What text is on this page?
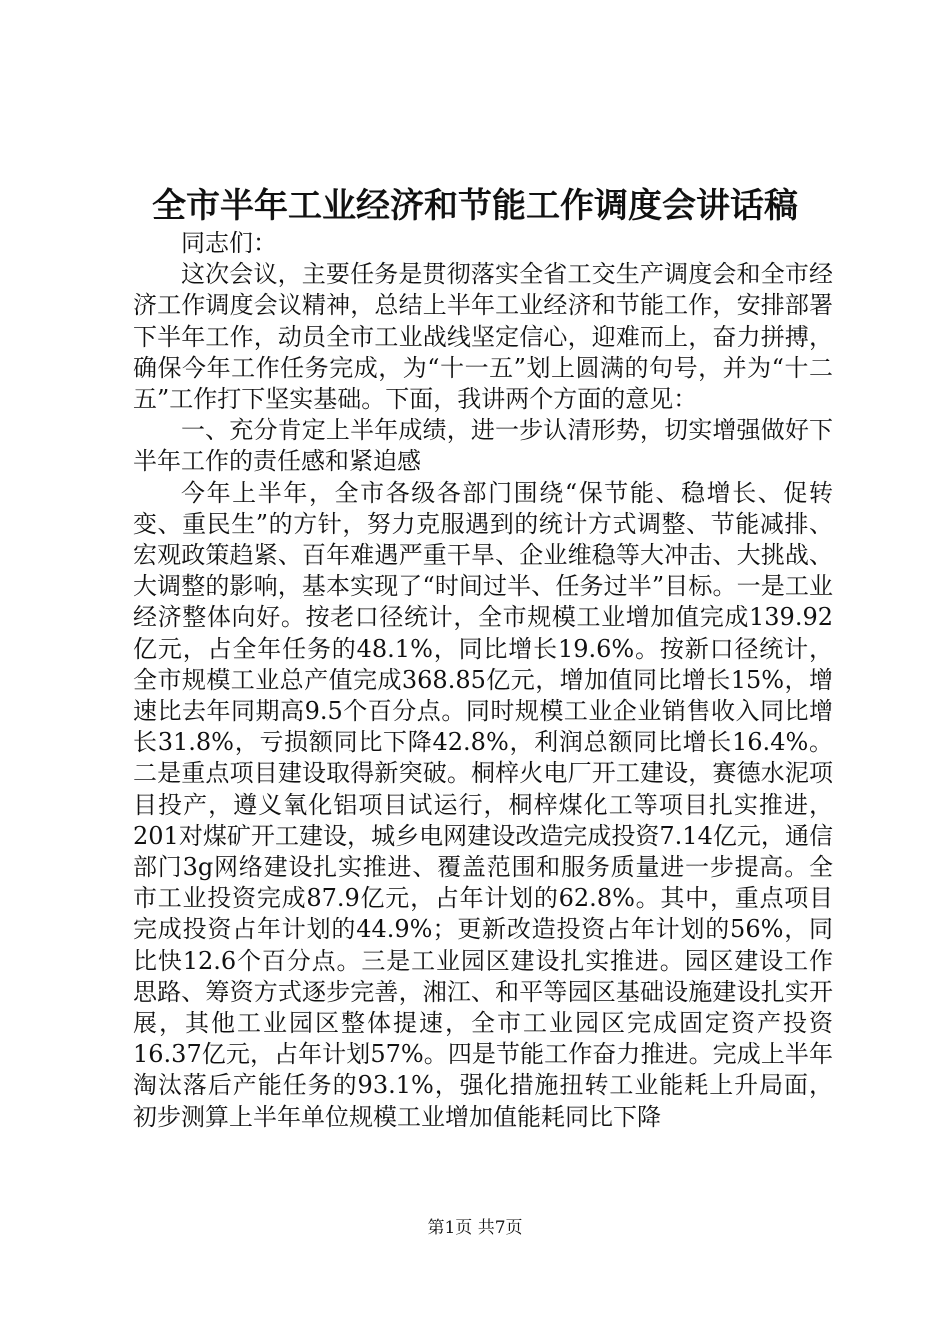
全市半年工业经济和节能工作调度会讲话稿

同志们：

这次会议，主要任务是贯彻落实全省工交生产调度会和全市经济工作调度会议精神，总结上半年工业经济和节能工作，安排部署下半年工作，动员全市工业战线坚定信心，迎难而上，奋力拼搏，确保今年工作任务完成，为“十一五”划上圆满的句号，并为“十二五”工作打下坚实基础。下面，我讲两个方面的意见：

一、充分肯定上半年成绩，进一步认清形势，切实增强做好下半年工作的责任感和紧迫感

今年上半年，全市各级各部门围绕“保节能、稳增长、促转变、重民生”的方针，努力克服遇到的统计方式调整、节能减排、宏观政策趋紧、百年难遇严重干旱、企业维稳等大冲击、大挑战、大调整的影响，基本实现了“时间过半、任务过半”目标。一是工业经济整体向好。按老口径统计，全市规模工业增加值完成139.92亿元，占全年任务的48.1%，同比增长19.6%。按新口径统计，全市规模工业总产值完成368.85亿元，增加值同比增长15%，增速比去年同期高9.5个百分点。同时规模工业企业销售收入同比增长31.8%，亏损额同比下降42.8%，利润总额同比增长16.4%。二是重点项目建设取得新突破。桐梓火电厂开工建设，赛德水泥项目投产，遵义氧化铝项目试运行，桐梓煤化工等项目扎实推进，201对煤矿开工建设，城乡电网建设改造完成投资7.14亿元，通信部门3g网络建设扎实推进、覆盖范围和服务质量进一步提高。全市工业投资完成87.9亿元，占年计划的62.8%。其中，重点项目完成投资占年计划的44.9%；更新改造投资占年计划的56%，同比快12.6个百分点。三是工业园区建设扎实推进。园区建设工作思路、筹资方式逐步完善，湘江、和平等园区基础设施建设扎实开展，其他工业园区整体提速，全市工业园区完成固定资产投资16.37亿元，占年计划57%。四是节能工作奋力推进。完成上半年淘汰落后产能任务的93.1%，强化措施扭转工业能耗上升局面，初步测算上半年单位规模工业增加值能耗同比下降

第1页 共7页
